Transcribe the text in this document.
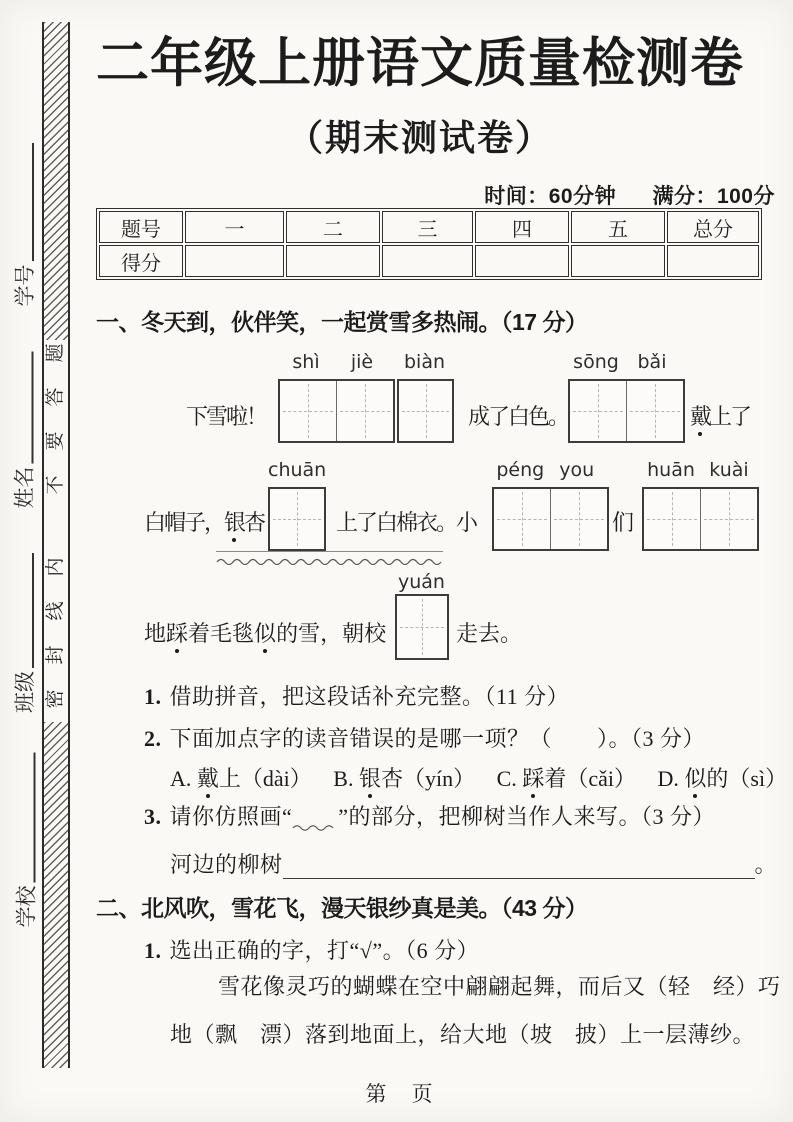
题
答
要
不
内
线
封
密
学号
姓名
班级
学校
二年级上册语文质量检测卷
（期末测试卷）
时间：60分钟 满分：100分
题号	一	二	三	四	五	总分
得分						
一、冬天到，伙伴笑，一起赏雪多热闹。（17 分）
shì	jiè	biàn	sōng bǎi
下雪啦！	成了白色。	戴上了
chuān	péng you	huān kuài
白帽子，银杏	上了白棉衣。小	们
yuán
地踩着毛毯似的雪，朝校	走去。
1. 借助拼音，把这段话补充完整。（11 分）
2. 下面加点字的读音错误的是哪一项？（　　）。（3 分）
A. 戴上（dài） B. 银杏（yín） C. 踩着（cǎi） D. 似的（sì）
3. 请你仿照画“ ”的部分，把柳树当作人来写。（3 分）
河边的柳树	。
二、北风吹，雪花飞，漫天银纱真是美。（43 分）
1. 选出正确的字，打“√”。（6 分）
雪花像灵巧的蝴蝶在空中翩翩起舞，而后又（轻　经）巧
地（飘　漂）落到地面上，给大地（坡　披）上一层薄纱。
第　页
